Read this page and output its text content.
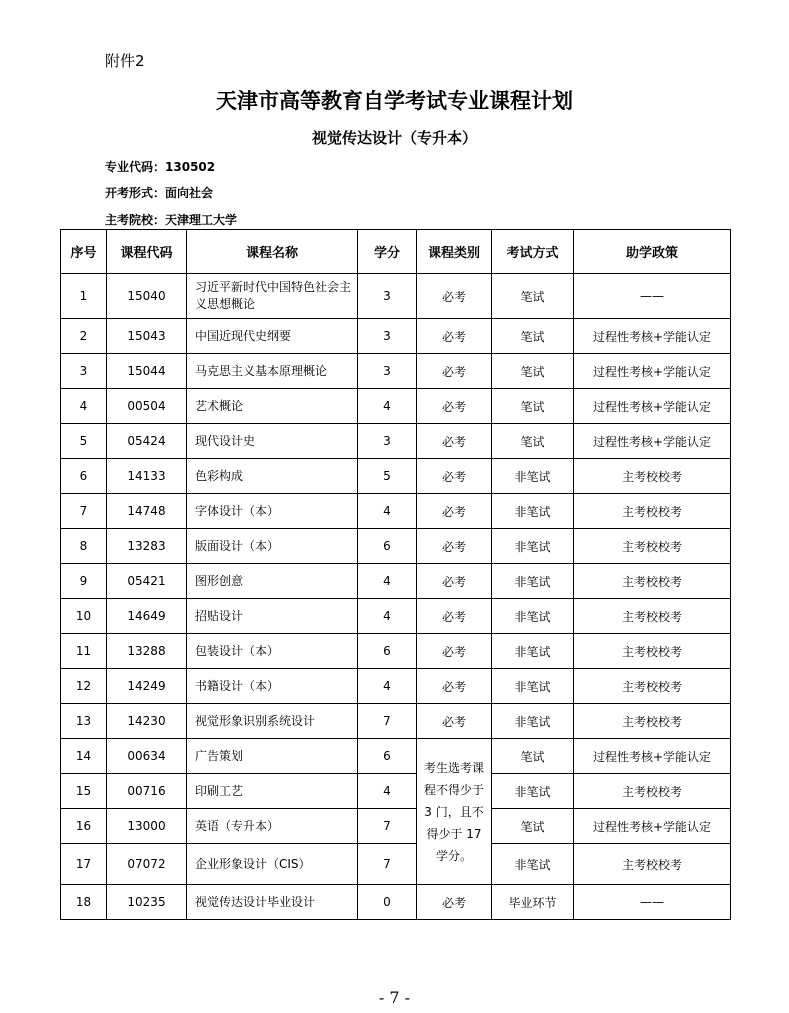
附件2
天津市高等教育自学考试专业课程计划
视觉传达设计（专升本）
专业代码：130502
开考形式：面向社会
主考院校：天津理工大学
序号	课程代码	课程名称	学分	课程类别	考试方式	助学政策
1	15040	习近平新时代中国特色社会主义思想概论	3	必考	笔试	——
2	15043	中国近现代史纲要	3	必考	笔试	过程性考核+学能认定
3	15044	马克思主义基本原理概论	3	必考	笔试	过程性考核+学能认定
4	00504	艺术概论	4	必考	笔试	过程性考核+学能认定
5	05424	现代设计史	3	必考	笔试	过程性考核+学能认定
6	14133	色彩构成	5	必考	非笔试	主考校校考
7	14748	字体设计（本）	4	必考	非笔试	主考校校考
8	13283	版面设计（本）	6	必考	非笔试	主考校校考
9	05421	图形创意	4	必考	非笔试	主考校校考
10	14649	招贴设计	4	必考	非笔试	主考校校考
11	13288	包装设计（本）	6	必考	非笔试	主考校校考
12	14249	书籍设计（本）	4	必考	非笔试	主考校校考
13	14230	视觉形象识别系统设计	7	必考	非笔试	主考校校考
14	00634	广告策划	6	考生选考课程不得少于 3 门，且不得少于 17 学分。	笔试	过程性考核+学能认定
15	00716	印刷工艺	4		非笔试	主考校校考
16	13000	英语（专升本）	7		笔试	过程性考核+学能认定
17	07072	企业形象设计（CIS）	7		非笔试	主考校校考
18	10235	视觉传达设计毕业设计	0	必考	毕业环节	——
- 7 -
